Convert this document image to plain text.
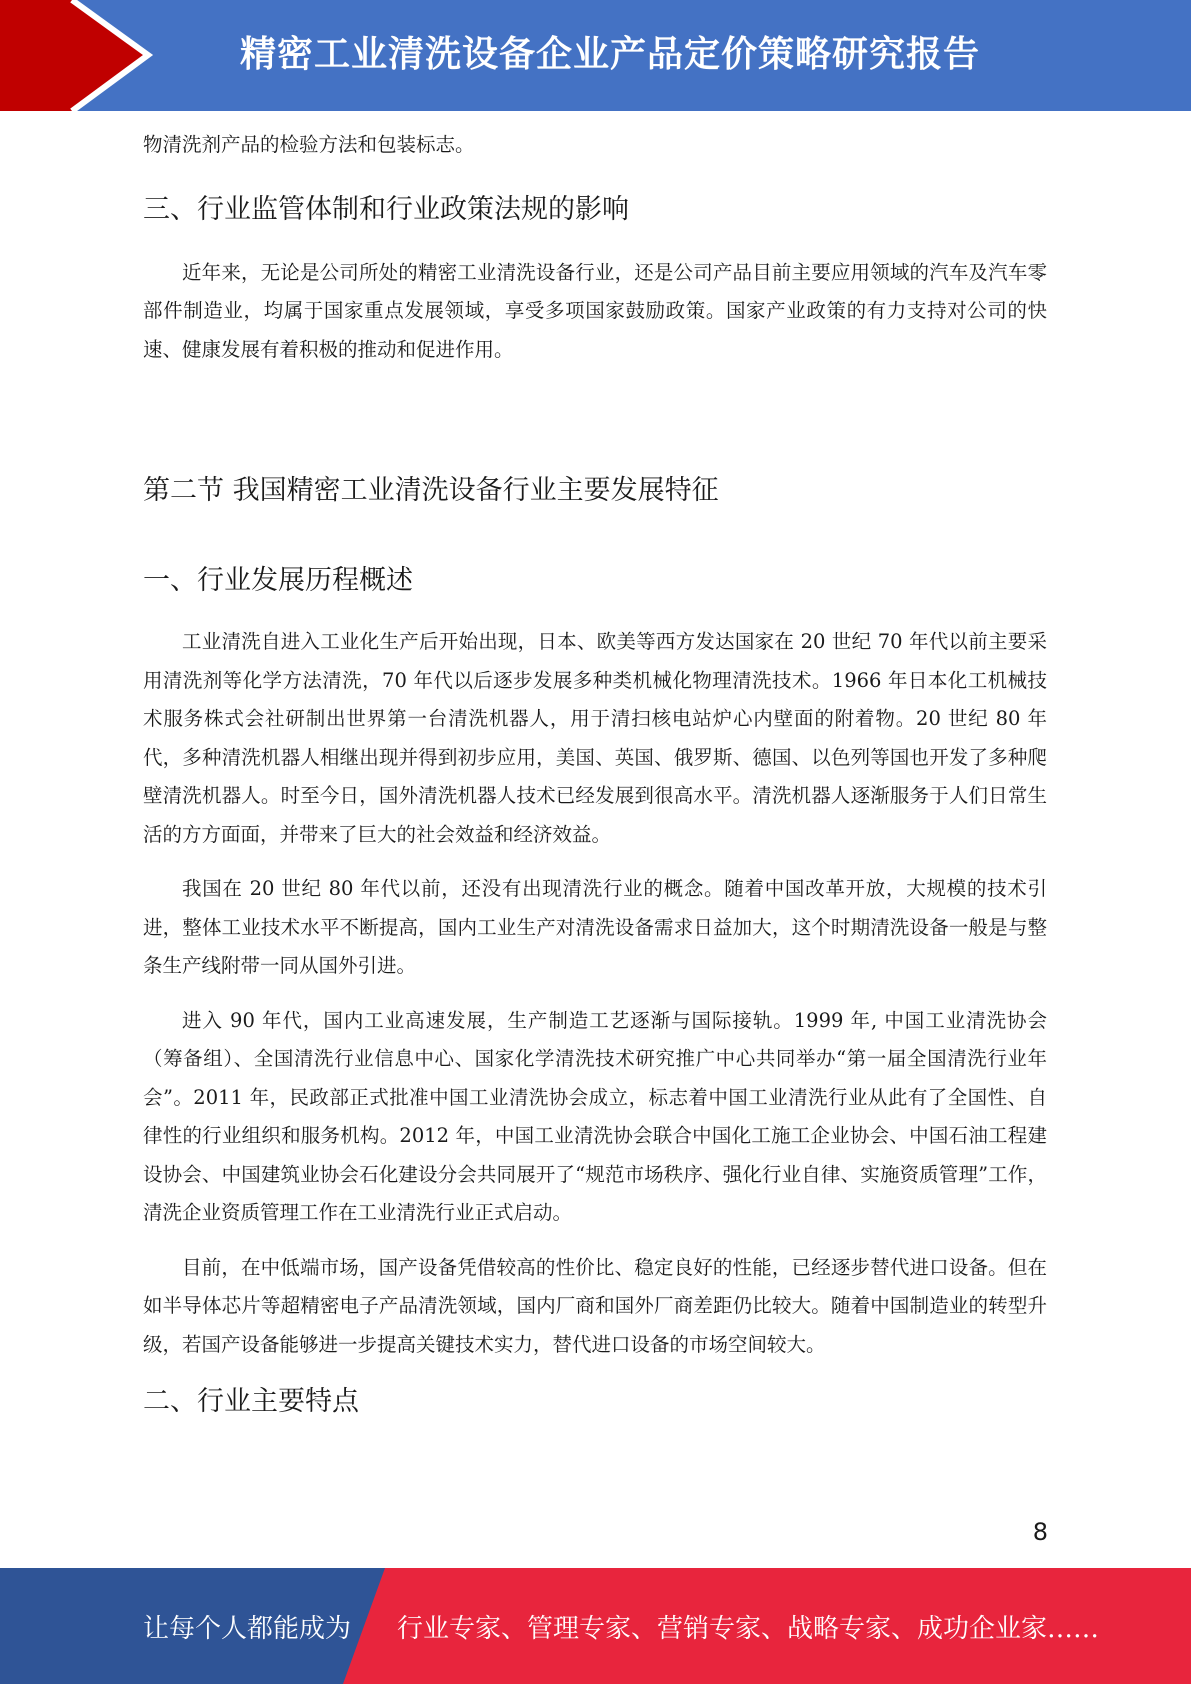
精密工业清洗设备企业产品定价策略研究报告

物清洗剂产品的检验方法和包装标志。

三、行业监管体制和行业政策法规的影响

近年来，无论是公司所处的精密工业清洗设备行业，还是公司产品目前主要应用领域的汽车及汽车零部件制造业，均属于国家重点发展领域，享受多项国家鼓励政策。国家产业政策的有力支持对公司的快速、健康发展有着积极的推动和促进作用。

第二节 我国精密工业清洗设备行业主要发展特征
一、行业发展历程概述

工业清洗自进入工业化生产后开始出现，日本、欧美等西方发达国家在 20 世纪 70 年代以前主要采用清洗剂等化学方法清洗，70 年代以后逐步发展多种类机械化物理清洗技术。1966 年日本化工机械技术服务株式会社研制出世界第一台清洗机器人，用于清扫核电站炉心内壁面的附着物。20 世纪 80 年代，多种清洗机器人相继出现并得到初步应用，美国、英国、俄罗斯、德国、以色列等国也开发了多种爬壁清洗机器人。时至今日，国外清洗机器人技术已经发展到很高水平。清洗机器人逐渐服务于人们日常生活的方方面面，并带来了巨大的社会效益和经济效益。

我国在 20 世纪 80 年代以前，还没有出现清洗行业的概念。随着中国改革开放，大规模的技术引进，整体工业技术水平不断提高，国内工业生产对清洗设备需求日益加大，这个时期清洗设备一般是与整条生产线附带一同从国外引进。

进入 90 年代，国内工业高速发展，生产制造工艺逐渐与国际接轨。1999 年, 中国工业清洗协会（筹备组）、全国清洗行业信息中心、国家化学清洗技术研究推广中心共同举办“第一届全国清洗行业年会”。2011 年，民政部正式批准中国工业清洗协会成立，标志着中国工业清洗行业从此有了全国性、自律性的行业组织和服务机构。2012 年，中国工业清洗协会联合中国化工施工企业协会、中国石油工程建设协会、中国建筑业协会石化建设分会共同展开了“规范市场秩序、强化行业自律、实施资质管理”工作，清洗企业资质管理工作在工业清洗行业正式启动。

目前，在中低端市场，国产设备凭借较高的性价比、稳定良好的性能，已经逐步替代进口设备。但在如半导体芯片等超精密电子产品清洗领域，国内厂商和国外厂商差距仍比较大。随着中国制造业的转型升级，若国产设备能够进一步提高关键技术实力，替代进口设备的市场空间较大。

二、行业主要特点
8
让每个人都能成为 行业专家、管理专家、营销专家、战略专家、成功企业家……
